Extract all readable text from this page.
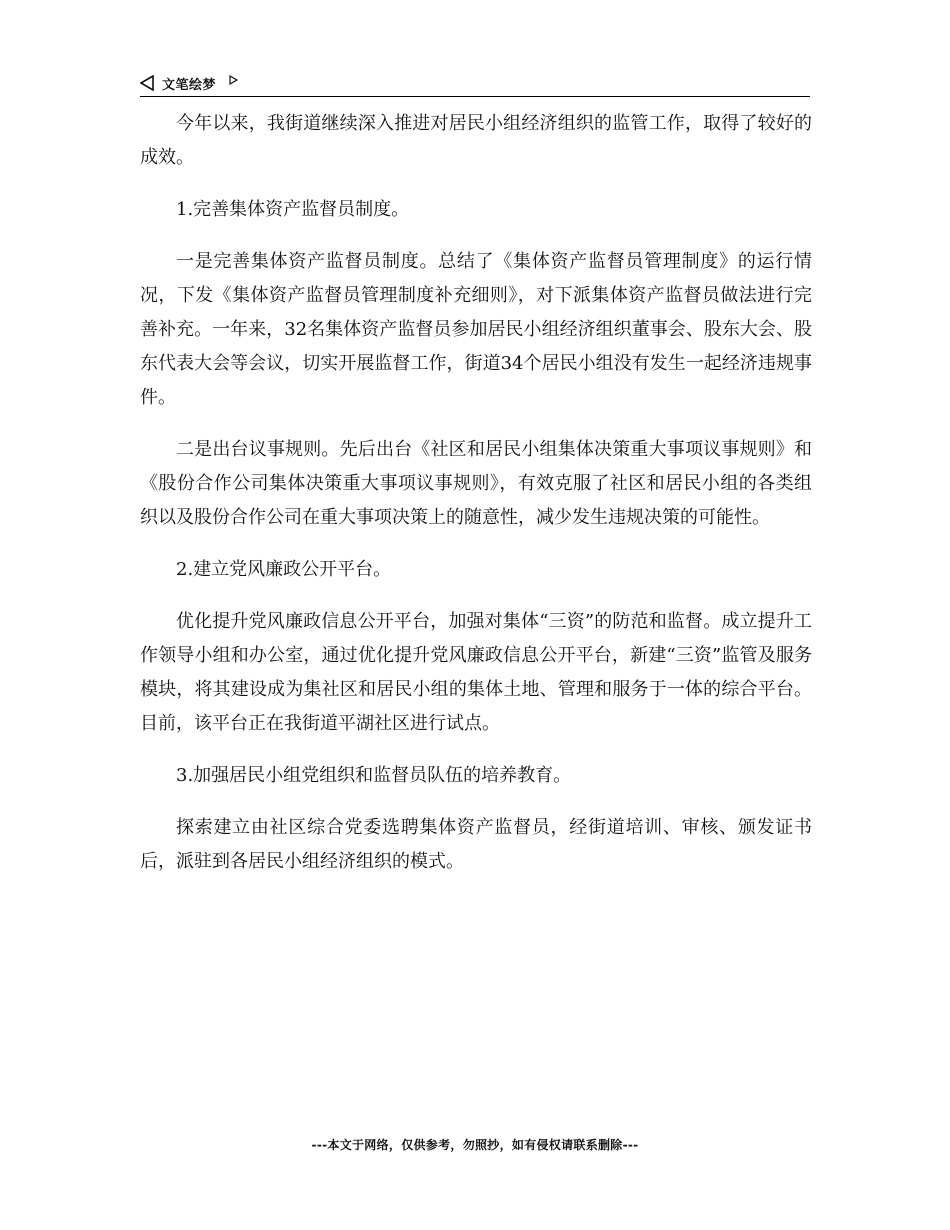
文笔绘梦

今年以来，我街道继续深入推进对居民小组经济组织的监管工作，取得了较好的成效。

1.完善集体资产监督员制度。

一是完善集体资产监督员制度。总结了《集体资产监督员管理制度》的运行情况，下发《集体资产监督员管理制度补充细则》，对下派集体资产监督员做法进行完善补充。一年来，32名集体资产监督员参加居民小组经济组织董事会、股东大会、股东代表大会等会议，切实开展监督工作，街道34个居民小组没有发生一起经济违规事件。

二是出台议事规则。先后出台《社区和居民小组集体决策重大事项议事规则》和《股份合作公司集体决策重大事项议事规则》，有效克服了社区和居民小组的各类组织以及股份合作公司在重大事项决策上的随意性，减少发生违规决策的可能性。

2.建立党风廉政公开平台。

优化提升党风廉政信息公开平台，加强对集体“三资”的防范和监督。成立提升工作领导小组和办公室，通过优化提升党风廉政信息公开平台，新建“三资”监管及服务模块，将其建设成为集社区和居民小组的集体土地、管理和服务于一体的综合平台。目前，该平台正在我街道平湖社区进行试点。

3.加强居民小组党组织和监督员队伍的培养教育。

探索建立由社区综合党委选聘集体资产监督员，经街道培训、审核、颁发证书后，派驻到各居民小组经济组织的模式。

---本文于网络，仅供参考，勿照抄，如有侵权请联系删除---
